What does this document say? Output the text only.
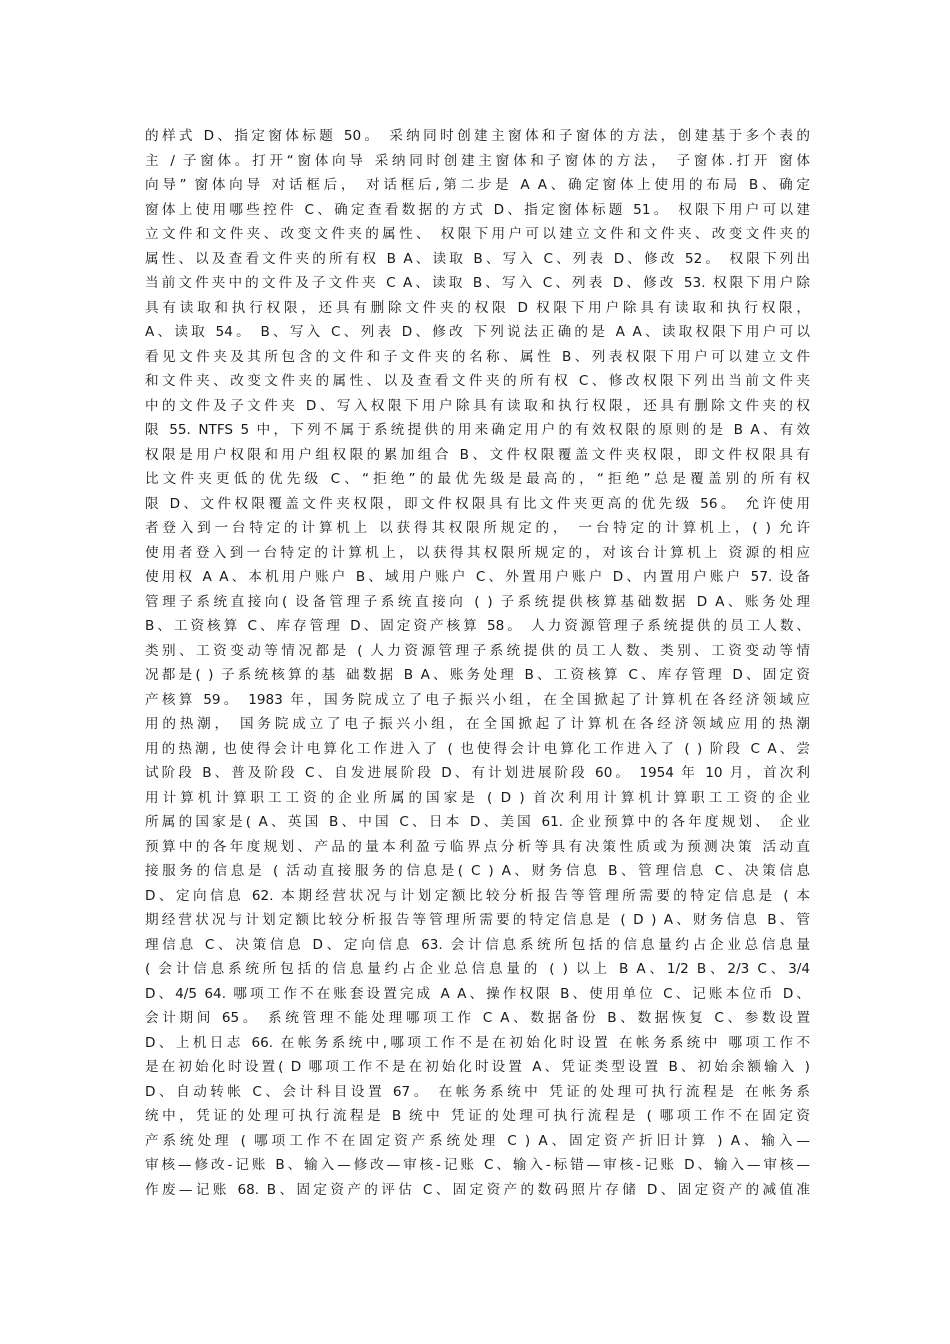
的样式 D、指定窗体标题 50。 采纳同时创建主窗体和子窗体的方法，创建基于多个表的
主 / 子窗体。打开“窗体向导 采纳同时创建主窗体和子窗体的方法， 子窗体.打开 窗体
向导” 窗体向导 对话框后， 对话框后,第二步是 A A、确定窗体上使用的布局 B、确定
窗体上使用哪些控件 C、确定查看数据的方式 D、指定窗体标题 51。 权限下用户可以建
立文件和文件夹、改变文件夹的属性、 权限下用户可以建立文件和文件夹、改变文件夹的
属性、以及查看文件夹的所有权 B A、读取 B、写入 C、列表 D、修改 52。 权限下列出
当前文件夹中的文件及子文件夹 C A、读取 B、写入 C、列表 D、修改 53. 权限下用户除
具有读取和执行权限，还具有删除文件夹的权限 D 权限下用户除具有读取和执行权限，
A、读取 54。 B、写入 C、列表 D、修改 下列说法正确的是 A A、读取权限下用户可以
看见文件夹及其所包含的文件和子文件夹的名称、属性 B、列表权限下用户可以建立文件
和文件夹、改变文件夹的属性、以及查看文件夹的所有权 C、修改权限下列出当前文件夹
中的文件及子文件夹 D、写入权限下用户除具有读取和执行权限，还具有删除文件夹的权
限 55. NTFS 5 中，下列不属于系统提供的用来确定用户的有效权限的原则的是 B A、有效
权限是用户权限和用户组权限的累加组合 B、文件权限覆盖文件夹权限，即文件权限具有
比文件夹更低的优先级 C、“拒绝”的最优先级是最高的，“拒绝”总是覆盖别的所有权
限 D、文件权限覆盖文件夹权限，即文件权限具有比文件夹更高的优先级 56。 允许使用
者登入到一台特定的计算机上 以获得其权限所规定的， 一台特定的计算机上，( ) 允许
使用者登入到一台特定的计算机上，以获得其权限所规定的，对该台计算机上 资源的相应
使用权 A A、本机用户账户 B、域用户账户 C、外置用户账户 D、内置用户账户 57. 设备
管理子系统直接向( 设备管理子系统直接向 ( ) 子系统提供核算基础数据 D A、账务处理
B、工资核算 C、库存管理 D、固定资产核算 58。 人力资源管理子系统提供的员工人数、
类别、工资变动等情况都是 ( 人力资源管理子系统提供的员工人数、类别、工资变动等情
况都是( ) 子系统核算的基 础数据 B A、账务处理 B、工资核算 C、库存管理 D、固定资
产核算 59。 1983 年，国务院成立了电子振兴小组，在全国掀起了计算机在各经济领域应
用的热潮， 国务院成立了电子振兴小组，在全国掀起了计算机在各经济领域应用的热潮
用的热潮, 也使得会计电算化工作进入了 ( 也使得会计电算化工作进入了 ( ) 阶段 C A、尝
试阶段 B、普及阶段 C、自发进展阶段 D、有计划进展阶段 60。 1954 年 10 月，首次利
用计算机计算职工工资的企业所属的国家是 ( D ) 首次利用计算机计算职工工资的企业
所属的国家是( A、英国 B、中国 C、日本 D、美国 61. 企业预算中的各年度规划、 企业
预算中的各年度规划、产品的量本利盈亏临界点分析等具有决策性质或为预测决策 活动直
接服务的信息是 ( 活动直接服务的信息是( C ) A、财务信息 B、管理信息 C、决策信息
D、定向信息 62. 本期经营状况与计划定额比较分析报告等管理所需要的特定信息是 ( 本
期经营状况与计划定额比较分析报告等管理所需要的特定信息是 ( D ) A、财务信息 B、管
理信息 C、决策信息 D、定向信息 63. 会计信息系统所包括的信息量约占企业总信息量
( 会计信息系统所包括的信息量约占企业总信息量的 ( ) 以上 B A、1/2 B、2/3 C、3/4
D、4/5 64. 哪项工作不在账套设置完成 A A、操作权限 B、使用单位 C、记账本位币 D、
会计期间 65。 系统管理不能处理哪项工作 C A、数据备份 B、数据恢复 C、参数设置
D、上机日志 66. 在帐务系统中,哪项工作不是在初始化时设置 在帐务系统中 哪项工作不
是在初始化时设置( D 哪项工作不是在初始化时设置 A、凭证类型设置 B、初始余额输入 )
D、自动转帐 C、会计科目设置 67。 在帐务系统中 凭证的处理可执行流程是 在帐务系
统中，凭证的处理可执行流程是 B 统中 凭证的处理可执行流程是 ( 哪项工作不在固定资
产系统处理 ( 哪项工作不在固定资产系统处理 C ) A、固定资产折旧计算 ) A、输入—
审核—修改-记账 B、输入—修改—审核-记账 C、输入-标错—审核-记账 D、输入—审核—
作废—记账 68. B、固定资产的评估 C、固定资产的数码照片存储 D、固定资产的减值准
